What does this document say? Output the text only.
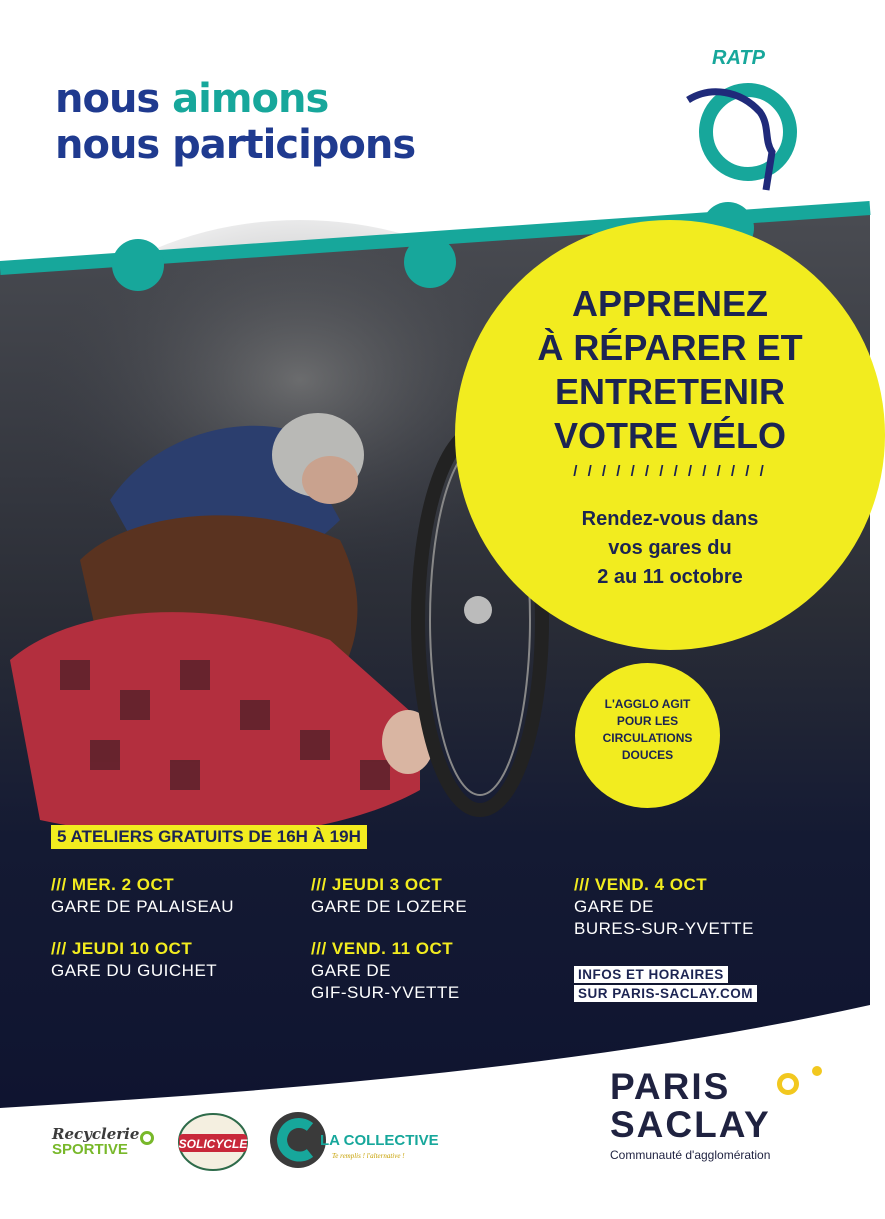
nous aimons
nous participons
RATP
APPRENEZ
À RÉPARER ET
ENTRETENIR
VOTRE VÉLO
/ / / / / / / / / / / / / /
Rendez-vous dans
vos gares du
2 au 11 octobre
L'AGGLO AGIT
POUR LES
CIRCULATIONS
DOUCES
5 ATELIERS GRATUITS DE 16H À 19H
/// MER. 2 OCT
GARE DE PALAISEAU
/// JEUDI 3 OCT
GARE DE LOZERE
/// VEND. 4 OCT
GARE DE
BURES-SUR-YVETTE
/// JEUDI 10 OCT
GARE DU GUICHET
/// VEND. 11 OCT
GARE DE
GIF-SUR-YVETTE
INFOS ET HORAIRES
SUR PARIS-SACLAY.COM
PARIS
SACLAY
Communauté d'agglomération
Recyclerie
SPORTIVE	SOLICYCLE	LA COLLECTIVE
Te remplis ! l'alternative !
